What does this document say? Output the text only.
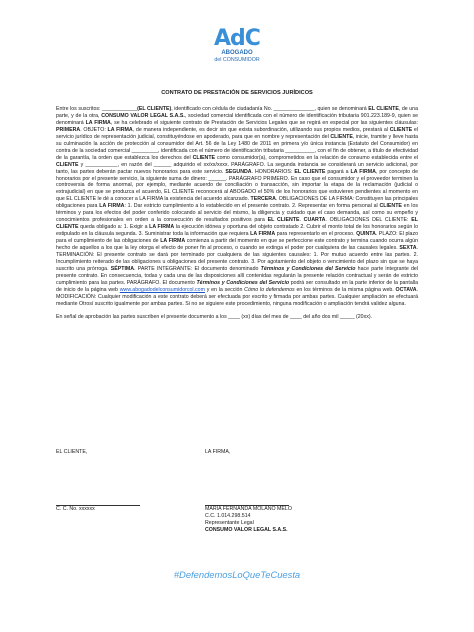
AdC
ABOGADO
del CONSUMIDOR
CONTRATO DE PRESTACIÓN DE SERVICIOS JURÍDICOS

Entre los suscritos: ____________(EL CLIENTE), identificado con cédula de ciudadanía No. ______________, quien se denominará EL CLIENTE, de una parte, y de la otra, CONSUMO VALOR LEGAL S.A.S., sociedad comercial identificada con el número de identificación tributaria 901.223.189-9, quien se denominará LA FIRMA, se ha celebrado el siguiente contrato de Prestación de Servicios Legales que se regirá en especial por las siguientes cláusulas: PRIMERA. OBJETO: LA FIRMA, de manera independiente, es decir sin que exista subordinación, utilizando sus propios medios, prestará al CLIENTE el servicio jurídico de representación judicial, constituyéndose en apoderado, para que en nombre y representación del CLIENTE, inicie, tramite y lleve hasta su culminación la acción de protección al consumidor del Art. 56 de la Ley 1480 de 2011 en primera y/o única instancia (Estatuto del Consumidor) en contra de la sociedad comercial _________, identificada con el número de identificación tributaria __________, con el fin de obtener, a título de efectividad de la garantía, la orden que establezca los derechos del CLIENTE como consumidor(a), comprometidos en la relación de consumo establecida entre el CLIENTE y ___________, en razón del ______ adquirido el xx/xx/xxxx. PARÁGRAFO. La segunda instancia se considerará un servicio adicional, por tanto, las partes deberán pactar nuevos honorarios para este servicio. SEGUNDA. HONORARIOS: EL CLIENTE pagará a LA FIRMA, por concepto de honorarios por el presente servicio, la siguiente suma de dinero: ______. PARÁGRAFO PRIMERO. En caso que el consumidor y el proveedor terminen la controversia de forma anormal, por ejemplo, mediante acuerdo de conciliación o transacción, sin importar la etapa de la reclamación (judicial o extrajudicial) en que se produzca el acuerdo, EL CLIENTE reconocerá al ABOGADO el 50% de los honorarios que estuvieren pendientes al momento en que EL CLIENTE le dé a conocer a LA FIRMA la existencia del acuerdo alcanzado. TERCERA. OBLIGACIONES DE LA FIRMA: Constituyen las principales obligaciones para LA FIRMA: 1. Dar estricto cumplimiento a lo establecido en el presente contrato. 2. Representar en forma personal al CLIENTE en los términos y para los efectos del poder conferido colocando al servicio del mismo, la diligencia y cuidado que el caso demanda, así como su empeño y conocimientos profesionales en orden a la consecución de resultados positivos para EL CLIENTE. CUARTA. OBLIGACIONES DEL CLIENTE: EL CLIENTE queda obligado a: 1. Exigir a LA FIRMA la ejecución idónea y oportuna del objeto contratado 2. Cubrir el monto total de los honorarios según lo estipulado en la cláusula segunda. 3. Suministrar toda la información que requiera LA FIRMA para representarlo en el proceso. QUINTA. PLAZO: El plazo para el cumplimiento de las obligaciones de LA FIRMA comienza a partir del momento en que se perfeccione este contrato y termina cuando ocurra algún hecho de aquellos a los que la ley otorga el efecto de poner fin al proceso, o cuando se extinga el poder por cualquiera de las causales legales. SEXTA. TERMINACIÓN: El presente contrato se dará por terminado por cualquiera de las siguientes causales: 1. Por mutuo acuerdo entre las partes. 2. Incumplimiento reiterado de las obligaciones u obligaciones del presente contrato. 3. Por agotamiento del objeto o vencimiento del plazo sin que se haya suscrito una prórroga. SÉPTIMA. PARTE INTEGRANTE: El documento denominado Términos y Condiciones del Servicio hace parte integrante del presente contrato. En consecuencia, todas y cada una de las disposiciones allí contenidas regularán la presente relación contractual y serán de estricto cumplimiento para las partes. PARÁGRAFO. El documento Términos y Condiciones del Servicio podrá ser consultado en la parte inferior de la pantalla de inicio de la página web www.abogadodelconsumidorcol.com y en la sección Cómo lo defendemos en los términos de la misma página web. OCTAVA. MODIFICACIÓN: Cualquier modificación a este contrato deberá ser efectuada por escrito y firmada por ambas partes. Cualquier ampliación se efectuará mediante Otrosí suscrito igualmente por ambas partes. Si no se siguiere este procedimiento, ninguna modificación o ampliación tendrá validez alguna.

En señal de aprobación las partes suscriben el presente documento a los ____ (xx) días del mes de ____ del año dos mil _____ (20xx).

EL CLIENTE,	LA FIRMA,
C. C. No. xxxxxx	MARÍA FERNANDA MOLANO MELO
C.C. 1.014.298.514
Representante Legal
CONSUMO VALOR LEGAL S.A.S.
#DefendemosLoQueTeCuesta
